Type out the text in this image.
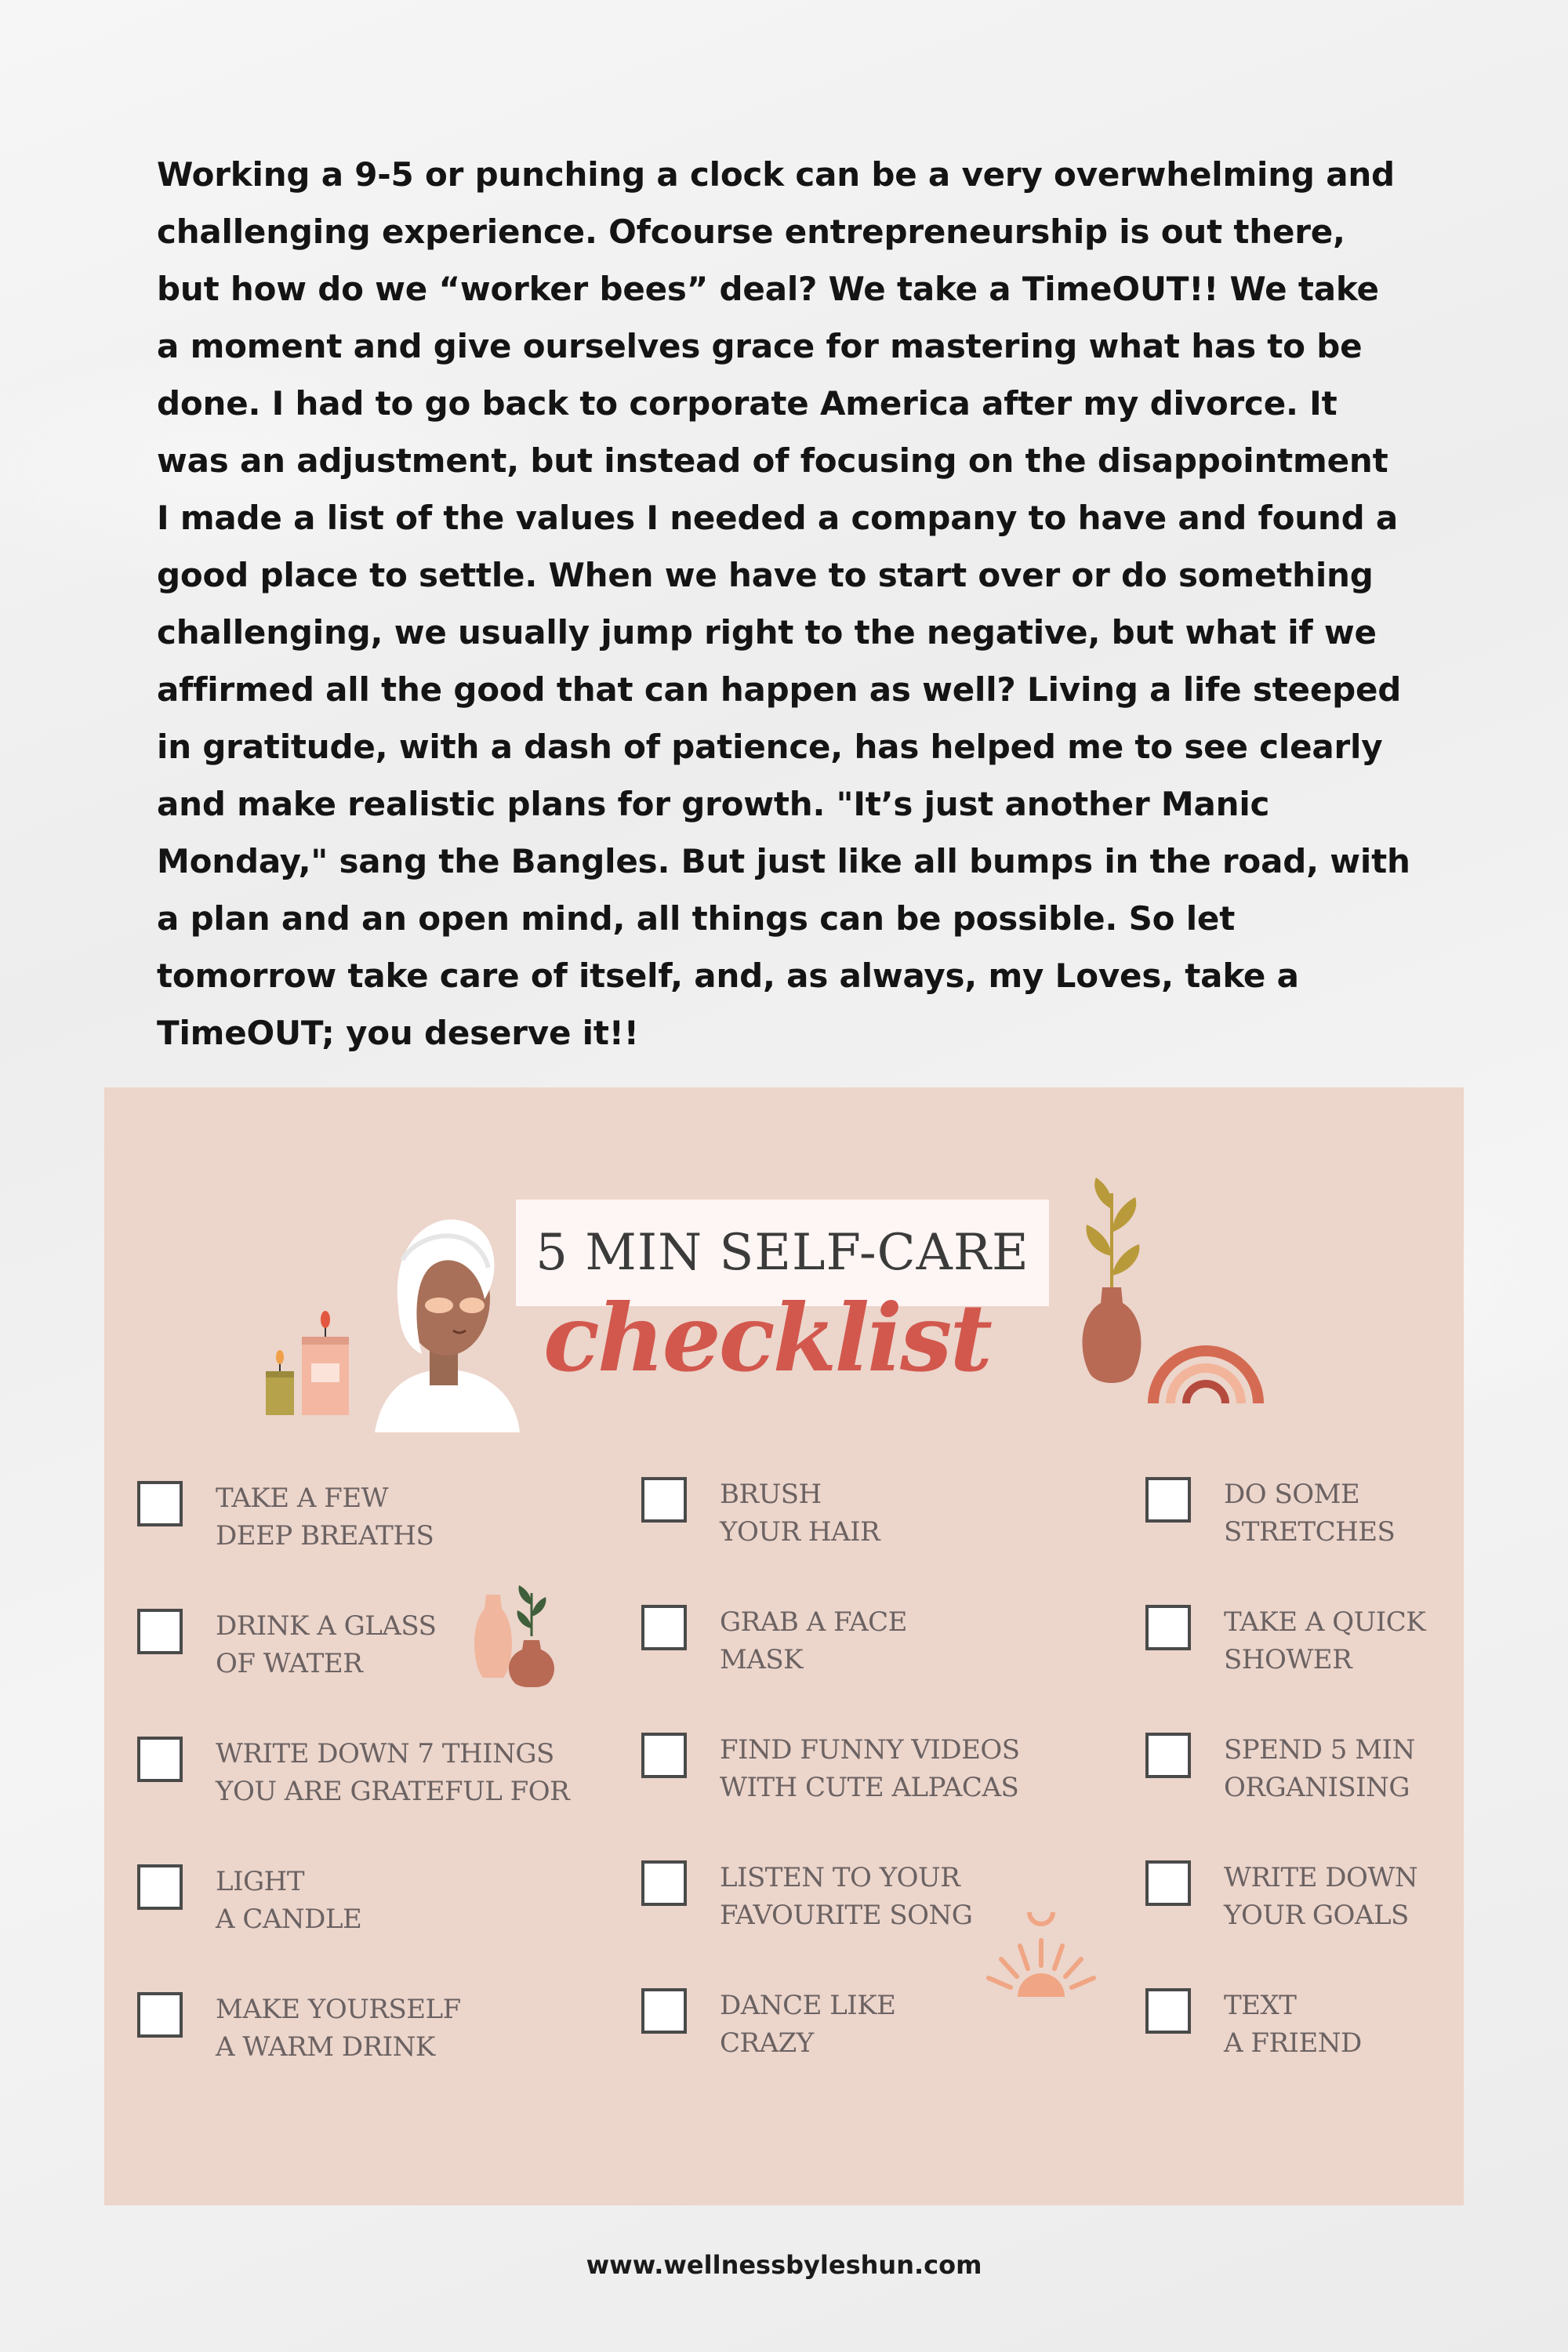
Working a 9-5 or punching a clock can be a very overwhelming and challenging experience. Ofcourse entrepreneurship is out there, but how do we “worker bees” deal? We take a TimeOUT!! We take a moment and give ourselves grace for mastering what has to be done. I had to go back to corporate America after my divorce. It was an adjustment, but instead of focusing on the disappointment I made a list of the values I needed a company to have and found a good place to settle. When we have to start over or do something challenging, we usually jump right to the negative, but what if we affirmed all the good that can happen as well? Living a life steeped in gratitude, with a dash of patience, has helped me to see clearly and make realistic plans for growth. "It’s just another Manic Monday," sang the Bangles. But just like all bumps in the road, with a plan and an open mind, all things can be possible. So let tomorrow take care of itself, and, as always, my Loves, take a TimeOUT; you deserve it!!

5 MIN SELF-CARE
checklist
TAKE A FEW
DEEP BREATHS
DRINK A GLASS
OF WATER
WRITE DOWN 7 THINGS
YOU ARE GRATEFUL FOR
LIGHT
A CANDLE
MAKE YOURSELF
A WARM DRINK
BRUSH
YOUR HAIR
GRAB A FACE
MASK
FIND FUNNY VIDEOS
WITH CUTE ALPACAS
LISTEN TO YOUR
FAVOURITE SONG
DANCE LIKE
CRAZY
DO SOME
STRETCHES
TAKE A QUICK
SHOWER
SPEND 5 MIN
ORGANISING
WRITE DOWN
YOUR GOALS
TEXT
A FRIEND
www.wellnessbyleshun.com
